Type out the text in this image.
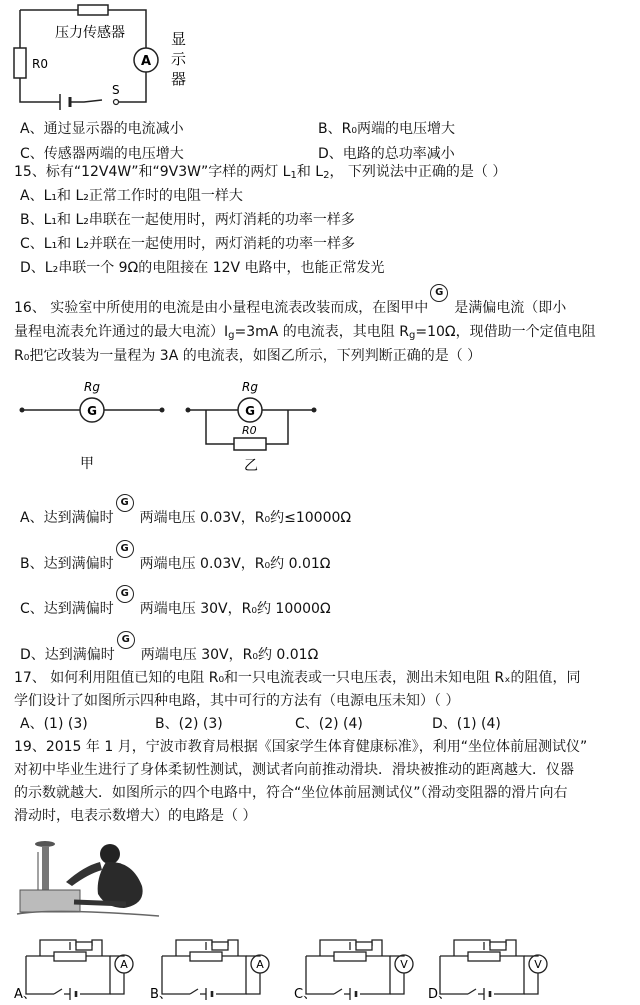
A
S
压力传感器
R0
显
示
器
A、通过显示器的电流减小	B、R₀两端的电压增大
C、传感器两端的电压增大	D、电路的总功率减小
15、标有“12V4W”和“9V3W”字样的两灯 $L_1$和 $L_2$， 下列说法中正确的是（ ）
A、L₁和 L₂正常工作时的电阻一样大
B、L₁和 L₂串联在一起使用时，两灯消耗的功率一样多
C、L₁和 L₂并联在一起使用时，两灯消耗的功率一样多
D、L₂串联一个 9Ω的电阻接在 12V 电路中，也能正常发光
16、 实验室中所使用的电流是由小量程电流表改装而成，在图甲中
G
是满偏电流（即小
量程电流表允许通过的最大电流）$I_g=3mA$ 的电流表，其电阻 $R_g=10\Omega$，现借助一个定值电阻
R₀把它改装为一量程为 3A 的电流表，如图乙所示，下列判断正确的是（ ）
G
Rg
甲
G
Rg
R0
乙
A、达到满偏时
G
两端电压 0.03V，R₀约≤10000Ω
B、达到满偏时
G
两端电压 0.03V，R₀约 0.01Ω
C、达到满偏时
G
两端电压 30V，R₀约 10000Ω
D、达到满偏时
G
两端电压 30V，R₀约 0.01Ω
17、 如何利用阻值已知的电阻 R₀和一只电流表或一只电压表，测出未知电阻 Rₓ的阻值，同
学们设计了如图所示四种电路，其中可行的方法有（电源电压未知）（ ）
A、(1) (3)	B、(2) (3)	C、(2) (4)	D、(1) (4)
19、2015 年 1 月，宁波市教育局根据《国家学生体育健康标准》，利用“坐位体前屈测试仪”
对初中毕业生进行了身体柔韧性测试，测试者向前推动滑块．滑块被推动的距离越大．仪器
的示数就越大．如图所示的四个电路中，符合“坐位体前屈测试仪”（滑动变阻器的滑片向右
滑动时，电表示数增大）的电路是（ ）
A
A、
A
B、
V
C、
V
D、
